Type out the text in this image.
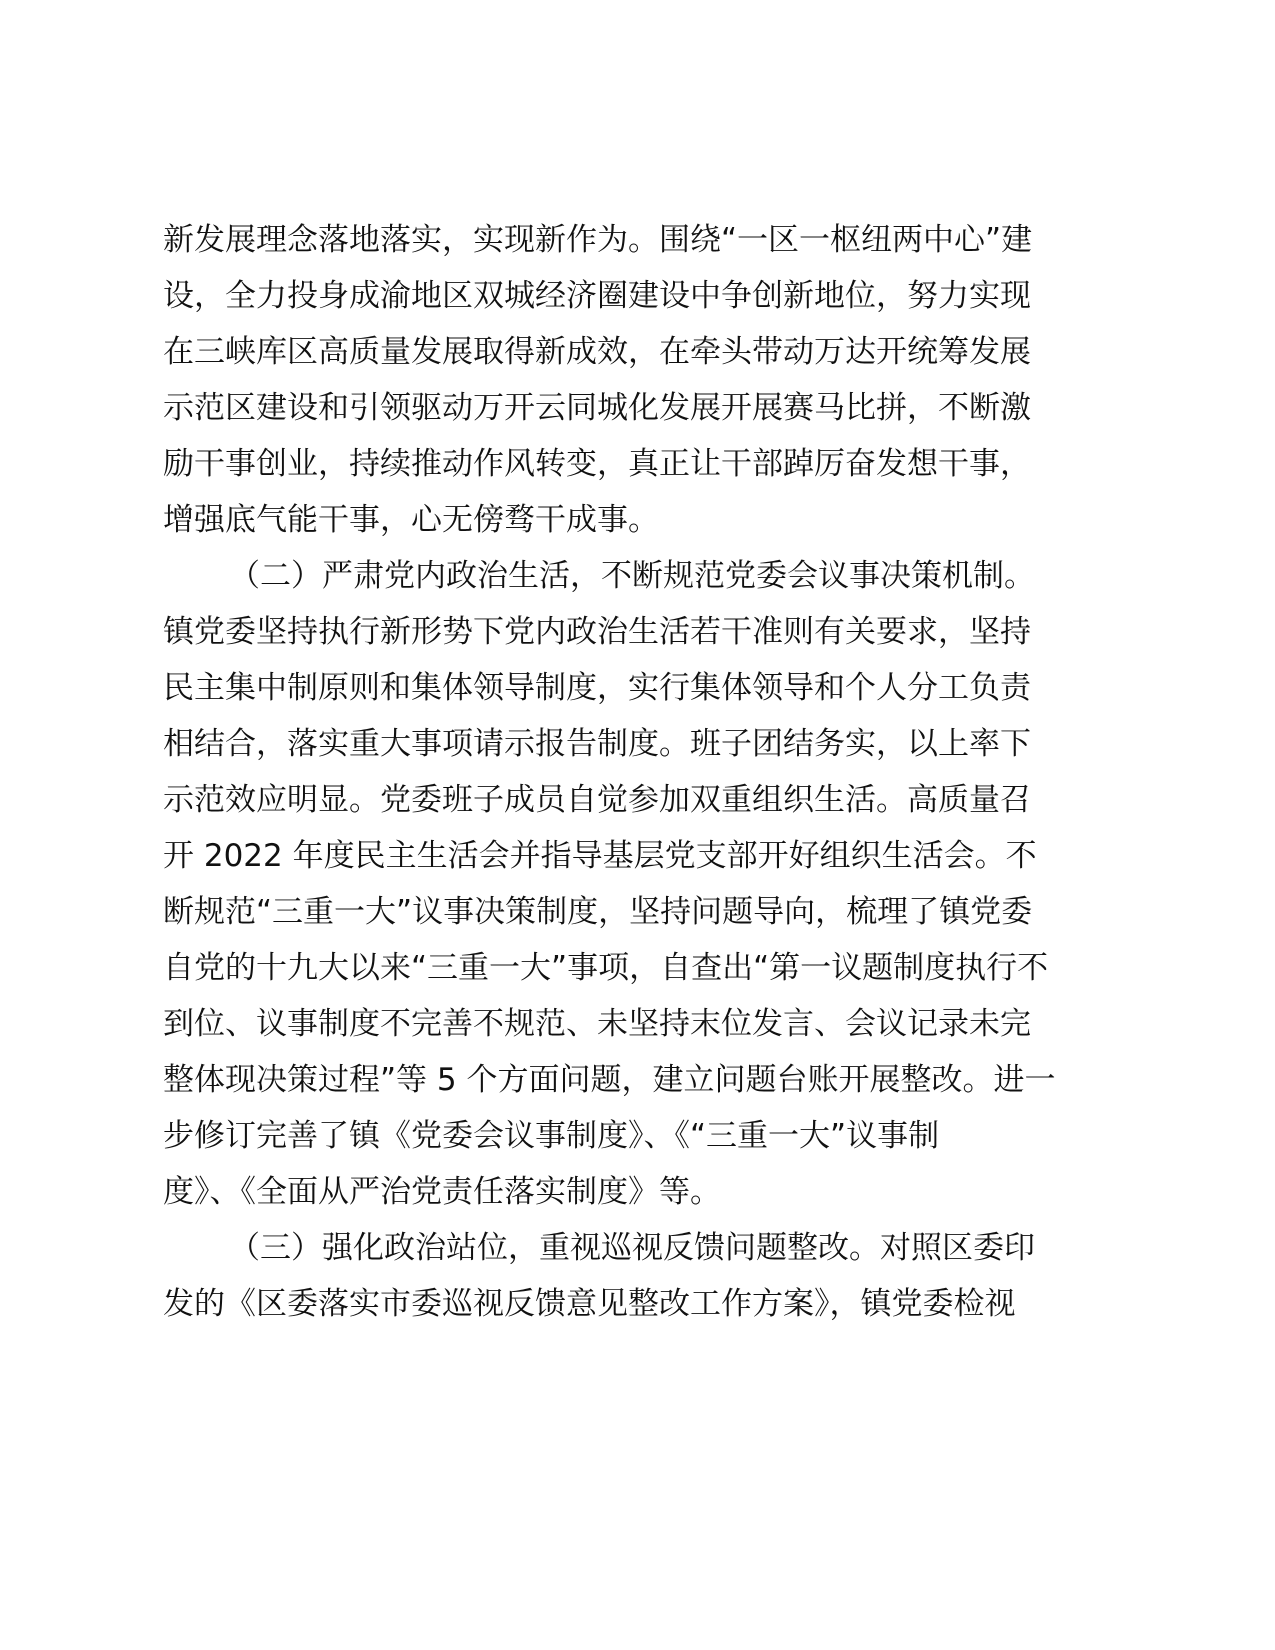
新发展理念落地落实，实现新作为。围绕“一区一枢纽两中心”建

设，全力投身成渝地区双城经济圈建设中争创新地位，努力实现

在三峡库区高质量发展取得新成效，在牵头带动万达开统筹发展

示范区建设和引领驱动万开云同城化发展开展赛马比拼，不断激

励干事创业，持续推动作风转变，真正让干部踔厉奋发想干事，

增强底气能干事，心无傍骛干成事。

（二）严肃党内政治生活，不断规范党委会议事决策机制。

镇党委坚持执行新形势下党内政治生活若干准则有关要求，坚持

民主集中制原则和集体领导制度，实行集体领导和个人分工负责

相结合，落实重大事项请示报告制度。班子团结务实，以上率下

示范效应明显。党委班子成员自觉参加双重组织生活。高质量召

开 2022 年度民主生活会并指导基层党支部开好组织生活会。不

断规范“三重一大”议事决策制度，坚持问题导向，梳理了镇党委

自党的十九大以来“三重一大”事项，自查出“第一议题制度执行不

到位、议事制度不完善不规范、未坚持末位发言、会议记录未完

整体现决策过程”等 5 个方面问题，建立问题台账开展整改。进一

步修订完善了镇《党委会议事制度》、《“三重一大”议事制

度》、《全面从严治党责任落实制度》等。

（三）强化政治站位，重视巡视反馈问题整改。对照区委印

发的《区委落实市委巡视反馈意见整改工作方案》，镇党委检视
